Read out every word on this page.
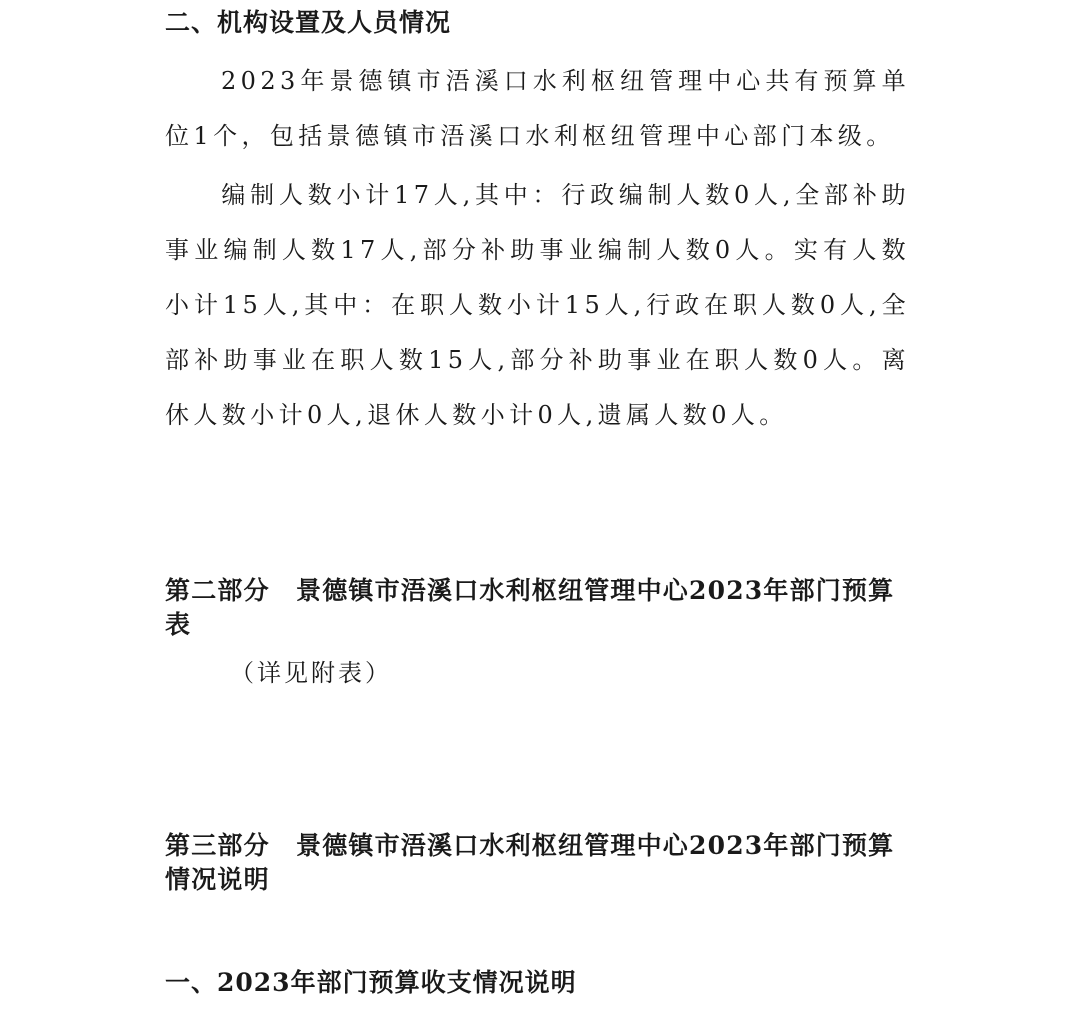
二、机构设置及人员情况
2023年景德镇市浯溪口水利枢纽管理中心共有预算单位1个，包括景德镇市浯溪口水利枢纽管理中心部门本级。
编制人数小计17人,其中：行政编制人数0人,全部补助事业编制人数17人,部分补助事业编制人数0人。实有人数小计15人,其中：在职人数小计15人,行政在职人数0人,全部补助事业在职人数15人,部分补助事业在职人数0人。离休人数小计0人,退休人数小计0人,遗属人数0人。
第二部分　景德镇市浯溪口水利枢纽管理中心2023年部门预算表
（详见附表）
第三部分　景德镇市浯溪口水利枢纽管理中心2023年部门预算情况说明
一、2023年部门预算收支情况说明
